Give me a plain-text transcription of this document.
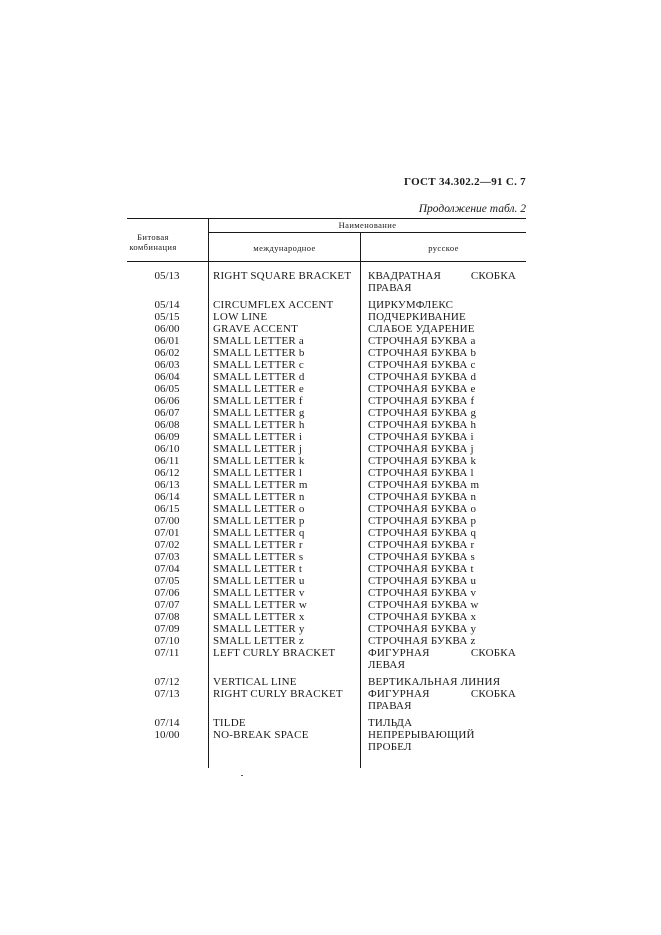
ГОСТ 34.302.2—91 С. 7
Продолжение табл. 2
Битовая комбинация
Наименование
международное	русское
05/13	RIGHT SQUARE BRACKET КВАДРАТНАЯ СКОБКА ПРАВАЯ
05/14	CIRCUMFLEX ACCENT	ЦИРКУМФЛЕКС
05/15	LOW LINE	ПОДЧЕРКИВАНИЕ
06/00	GRAVE ACCENT	СЛАБОЕ УДАРЕНИЕ
06/01	SMALL LETTER a	СТРОЧНАЯ БУКВА a
06/02	SMALL LETTER b	СТРОЧНАЯ БУКВА b
06/03	SMALL LETTER c	СТРОЧНАЯ БУКВА c
06/04	SMALL LETTER d	СТРОЧНАЯ БУКВА d
06/05	SMALL LETTER e	СТРОЧНАЯ БУКВА e
06/06	SMALL LETTER f	СТРОЧНАЯ БУКВА f
06/07	SMALL LETTER g	СТРОЧНАЯ БУКВА g
06/08	SMALL LETTER h	СТРОЧНАЯ БУКВА h
06/09	SMALL LETTER i	СТРОЧНАЯ БУКВА i
06/10	SMALL LETTER j	СТРОЧНАЯ БУКВА j
06/11	SMALL LETTER k	СТРОЧНАЯ БУКВА k
06/12	SMALL LETTER l	СТРОЧНАЯ БУКВА l
06/13	SMALL LETTER m	СТРОЧНАЯ БУКВА m
06/14	SMALL LETTER n	СТРОЧНАЯ БУКВА n
06/15	SMALL LETTER o	СТРОЧНАЯ БУКВА o
07/00	SMALL LETTER p	СТРОЧНАЯ БУКВА p
07/01	SMALL LETTER q	СТРОЧНАЯ БУКВА q
07/02	SMALL LETTER r	СТРОЧНАЯ БУКВА r
07/03	SMALL LETTER s	СТРОЧНАЯ БУКВА s
07/04	SMALL LETTER t	СТРОЧНАЯ БУКВА t
07/05	SMALL LETTER u	СТРОЧНАЯ БУКВА u
07/06	SMALL LETTER v	СТРОЧНАЯ БУКВА v
07/07	SMALL LETTER w	СТРОЧНАЯ БУКВА w
07/08	SMALL LETTER x	СТРОЧНАЯ БУКВА x
07/09	SMALL LETTER y	СТРОЧНАЯ БУКВА y
07/10	SMALL LETTER z	СТРОЧНАЯ БУКВА z
07/11	LEFT CURLY BRACKET	ФИГУРНАЯ СКОБКА ЛЕВАЯ
07/12	VERTICAL LINE	ВЕРТИКАЛЬНАЯ ЛИНИЯ
07/13	RIGHT CURLY BRACKET	ФИГУРНАЯ СКОБКА ПРАВАЯ
07/14	TILDE	ТИЛЬДА
10/00	NO-BREAK SPACE	НЕПРЕРЫВАЮЩИЙ ПРОБЕЛ
